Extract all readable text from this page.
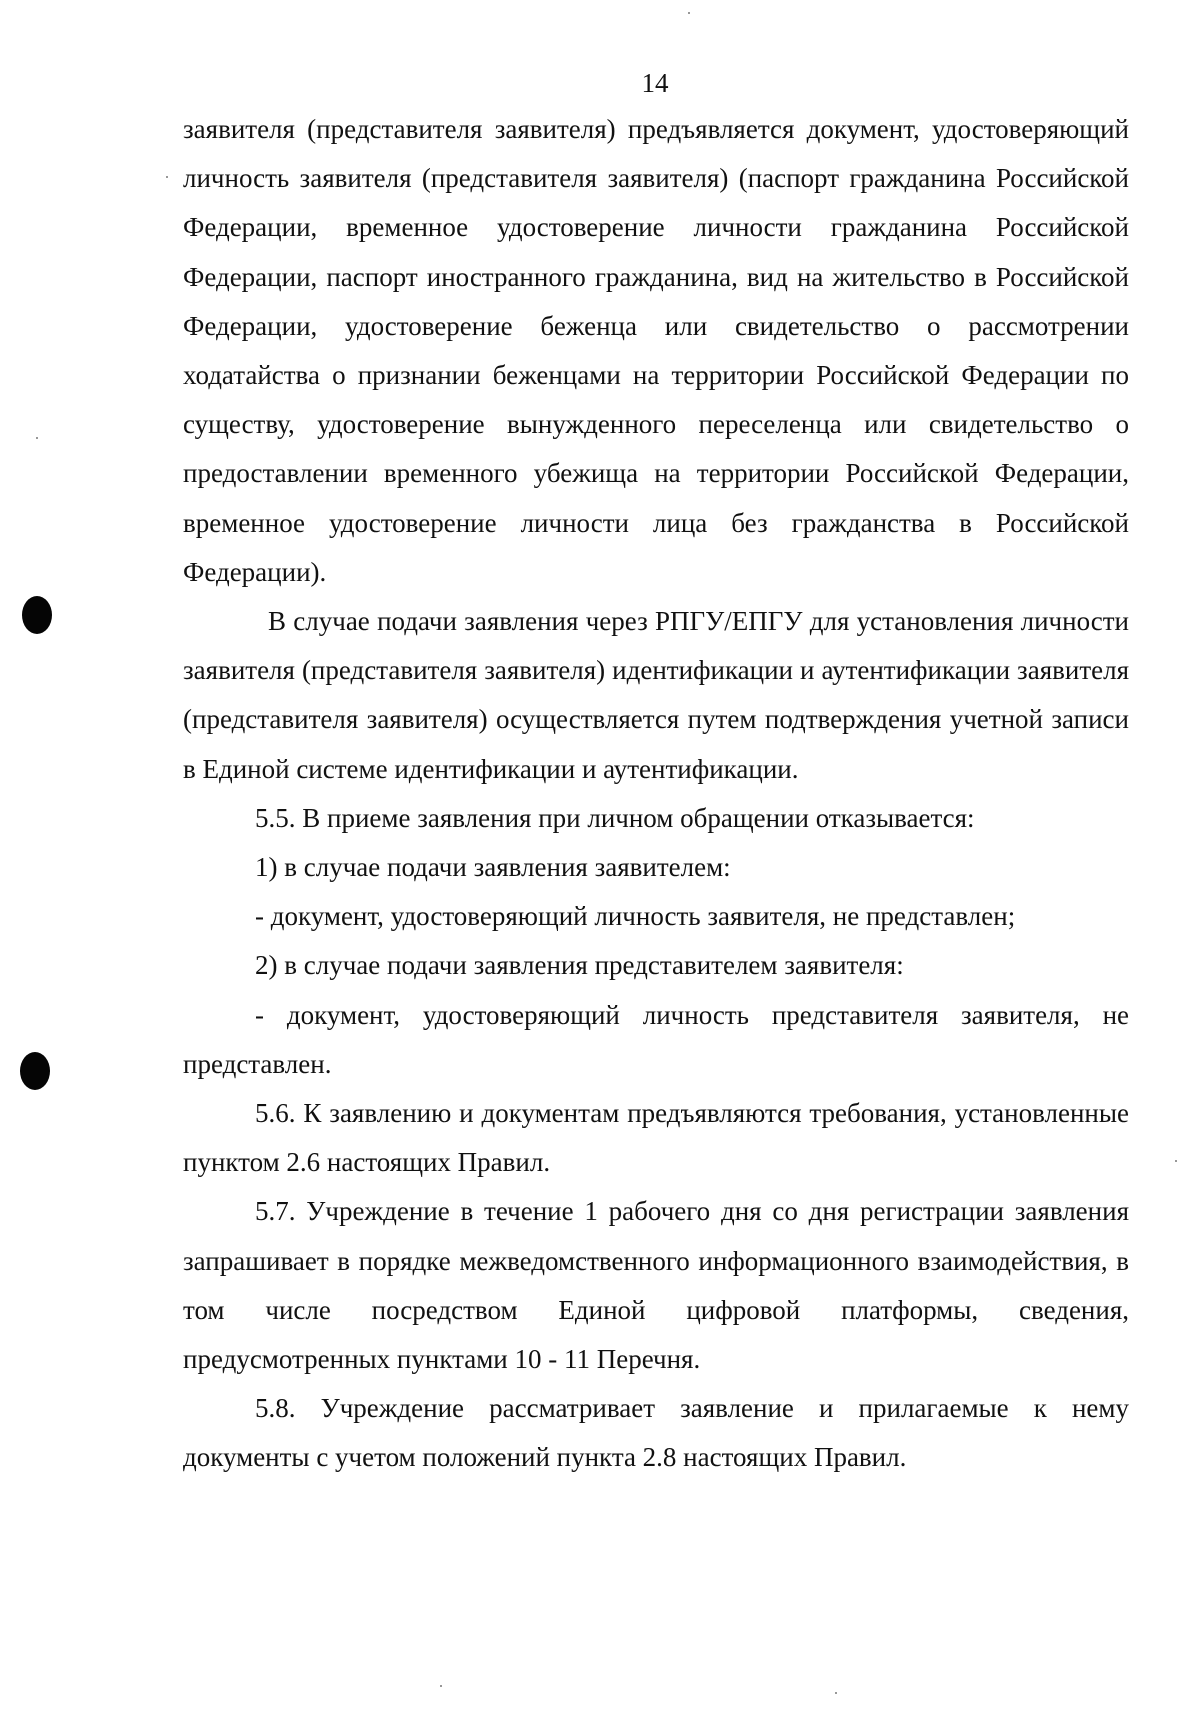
14

заявителя (представителя заявителя) предъявляется документ, удостоверяющий личность заявителя (представителя заявителя) (паспорт гражданина Российской Федерации, временное удостоверение личности гражданина Российской Федерации, паспорт иностранного гражданина, вид на жительство в Российской Федерации, удостоверение беженца или свидетельство о рассмотрении ходатайства о признании беженцами на территории Российской Федерации по существу, удостоверение вынужденного переселенца или свидетельство о предоставлении временного убежища на территории Российской Федерации, временное удостоверение личности лица без гражданства в Российской Федерации).

В случае подачи заявления через РПГУ/ЕПГУ для установления личности заявителя (представителя заявителя) идентификации и аутентификации заявителя (представителя заявителя) осуществляется путем подтверждения учетной записи в Единой системе идентификации и аутентификации.

5.5. В приеме заявления при личном обращении отказывается:

1) в случае подачи заявления заявителем:

- документ, удостоверяющий личность заявителя, не представлен;

2) в случае подачи заявления представителем заявителя:

- документ, удостоверяющий личность представителя заявителя, не представлен.

5.6. К заявлению и документам предъявляются требования, установленные пунктом 2.6 настоящих Правил.

5.7. Учреждение в течение 1 рабочего дня со дня регистрации заявления запрашивает в порядке межведомственного информационного взаимодействия, в том числе посредством Единой цифровой платформы, сведения, предусмотренных пунктами 10 - 11 Перечня.

5.8. Учреждение рассматривает заявление и прилагаемые к нему документы с учетом положений пункта 2.8 настоящих Правил.
